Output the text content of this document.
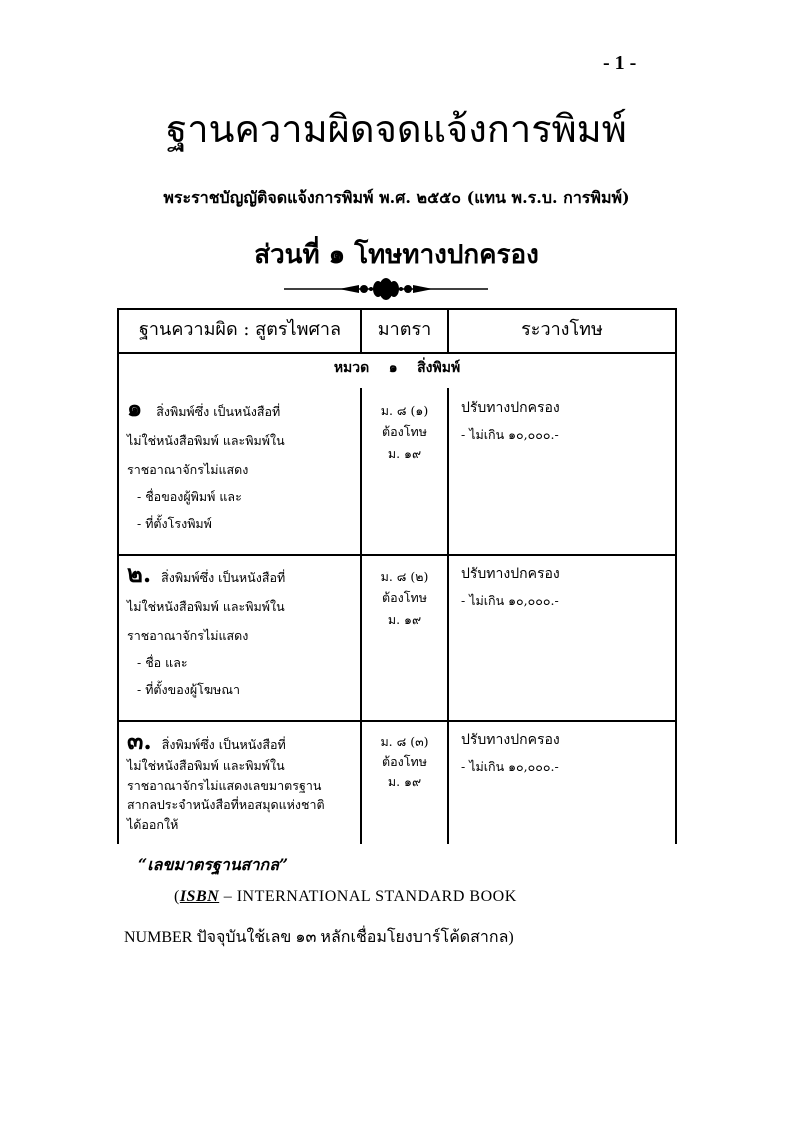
- 1 -
ฐานความผิดจดแจ้งการพิมพ์
พระราชบัญญัติจดแจ้งการพิมพ์ พ.ศ. ๒๕๕๐ (แทน พ.ร.บ. การพิมพ์)
ส่วนที่ ๑ โทษทางปกครอง
ฐานความผิด : สูตรไพศาล	มาตรา	ระวางโทษ
หมวด    ๑    สิ่งพิมพ์
๑ สิ่งพิมพ์ซึ่ง เป็นหนังสือที่
ไม่ใช่หนังสือพิมพ์ และพิมพ์ใน
ราชอาณาจักรไม่แสดง
- ชื่อของผู้พิมพ์ และ
- ที่ตั้งโรงพิมพ์
ม. ๘ (๑)
ต้องโทษ
ม. ๑๙
ปรับทางปกครอง
- ไม่เกิน ๑๐,๐๐๐.-
๒. สิ่งพิมพ์ซึ่ง เป็นหนังสือที่
ไม่ใช่หนังสือพิมพ์ และพิมพ์ใน
ราชอาณาจักรไม่แสดง
- ชื่อ และ
- ที่ตั้งของผู้โฆษณา
ม. ๘ (๒)
ต้องโทษ
ม. ๑๙
ปรับทางปกครอง
- ไม่เกิน ๑๐,๐๐๐.-
๓. สิ่งพิมพ์ซึ่ง เป็นหนังสือที่
ไม่ใช่หนังสือพิมพ์ และพิมพ์ใน
ราชอาณาจักรไม่แสดงเลขมาตรฐาน
สากลประจำหนังสือที่หอสมุดแห่งชาติ
ได้ออกให้
ม. ๘ (๓)
ต้องโทษ
ม. ๑๙
ปรับทางปกครอง
- ไม่เกิน ๑๐,๐๐๐.-
“เลขมาตรฐานสากล”
(ISBN – INTERNATIONAL STANDARD BOOK
NUMBER ปัจจุบันใช้เลข ๑๓ หลักเชื่อมโยงบาร์โค้ดสากล)
